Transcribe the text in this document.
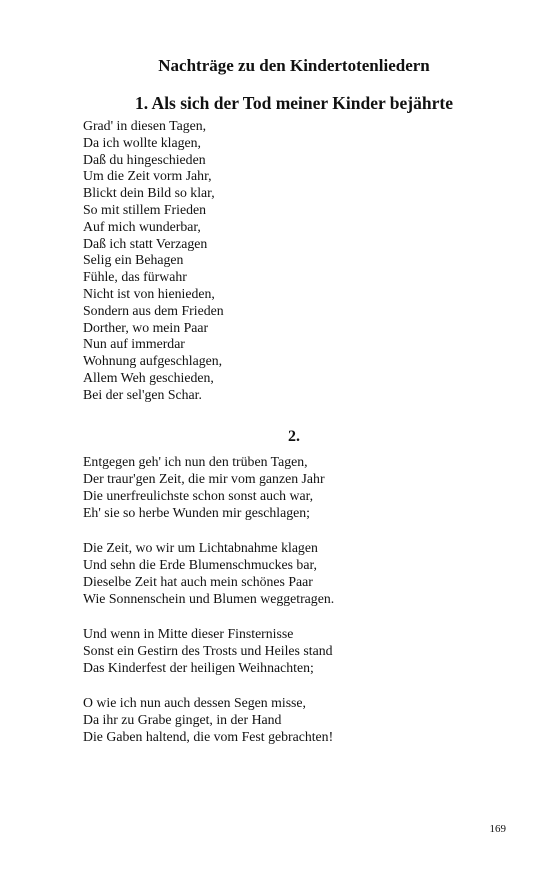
Nachträge zu den Kindertotenliedern
1. Als sich der Tod meiner Kinder bejährte
Grad' in diesen Tagen,
Da ich wollte klagen,
Daß du hingeschieden
Um die Zeit vorm Jahr,
Blickt dein Bild so klar,
So mit stillem Frieden
Auf mich wunderbar,
Daß ich statt Verzagen
Selig ein Behagen
Fühle, das fürwahr
Nicht ist von hienieden,
Sondern aus dem Frieden
Dorther, wo mein Paar
Nun auf immerdar
Wohnung aufgeschlagen,
Allem Weh geschieden,
Bei der sel'gen Schar.
2.
Entgegen geh' ich nun den trüben Tagen,
Der traur'gen Zeit, die mir vom ganzen Jahr
Die unerfreulichste schon sonst auch war,
Eh' sie so herbe Wunden mir geschlagen;
Die Zeit, wo wir um Lichtabnahme klagen
Und sehn die Erde Blumenschmuckes bar,
Dieselbe Zeit hat auch mein schönes Paar
Wie Sonnenschein und Blumen weggetragen.
Und wenn in Mitte dieser Finsternisse
Sonst ein Gestirn des Trosts und Heiles stand
Das Kinderfest der heiligen Weihnachten;
O wie ich nun auch dessen Segen misse,
Da ihr zu Grabe ginget, in der Hand
Die Gaben haltend, die vom Fest gebrachten!
169
